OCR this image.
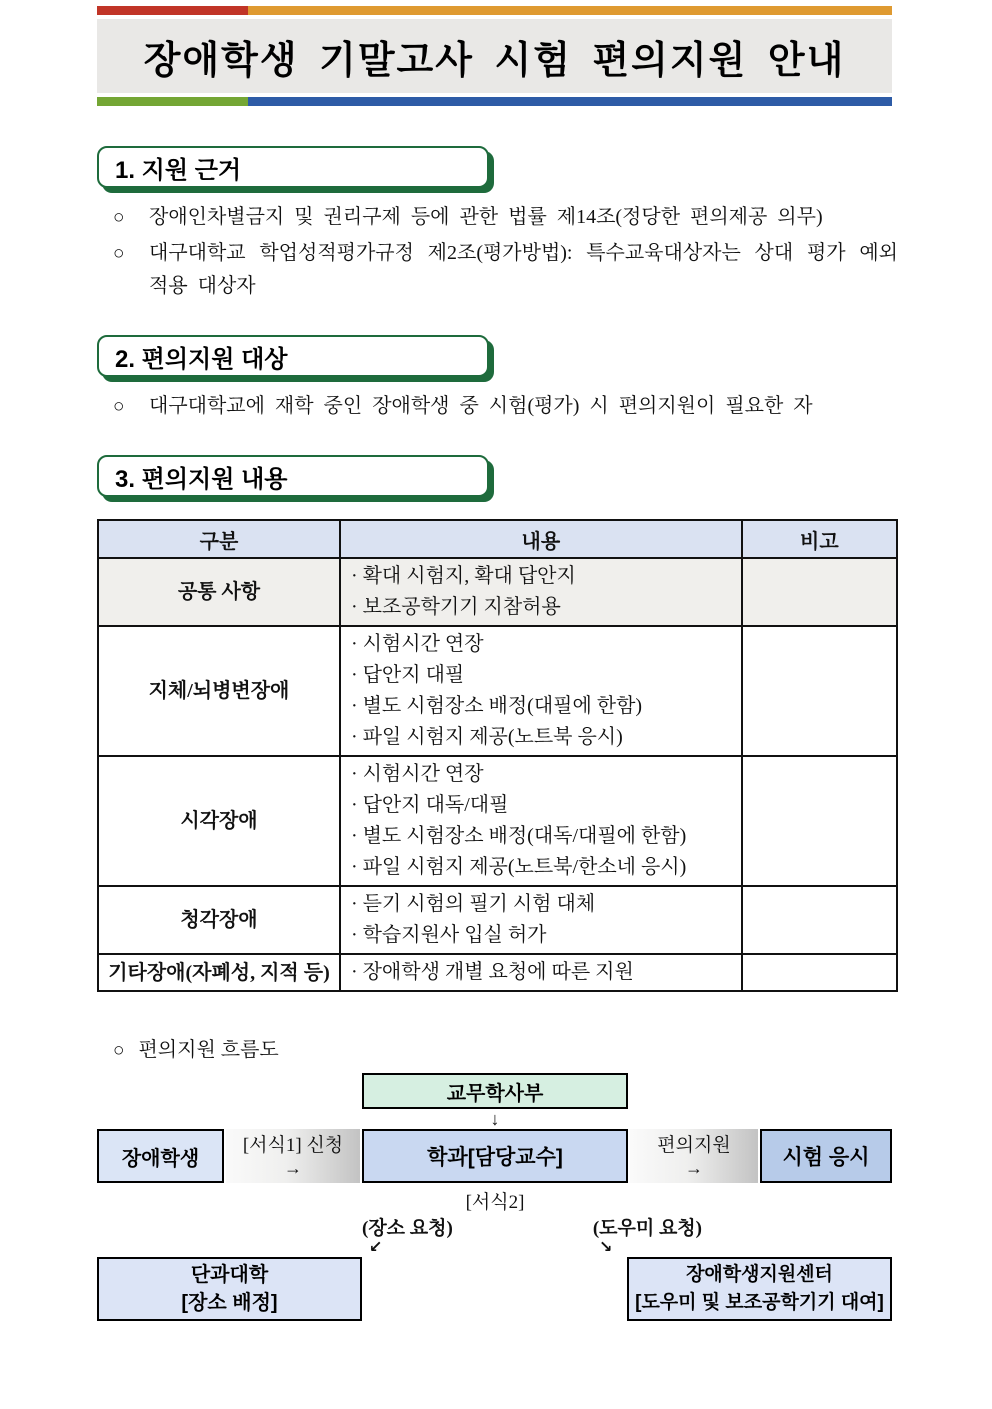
장애학생 기말고사 시험 편의지원 안내
1. 지원 근거

○ 장애인차별금지 및 권리구제 등에 관한 법률 제14조(정당한 편의제공 의무)

○ 대구대학교 학업성적평가규정 제2조(평가방법): 특수교육대상자는 상대 평가 예외 적용 대상자

2. 편의지원 대상

○ 대구대학교에 재학 중인 장애학생 중 시험(평가) 시 편의지원이 필요한 자

3. 편의지원 내용
구분	내용	비고
공통 사항	· 확대 시험지, 확대 답안지
· 보조공학기기 지참허용	

지체/뇌병변장애	· 시험시간 연장
· 답안지 대필
· 별도 시험장소 배정(대필에 한함)
· 파일 시험지 제공(노트북 응시)	

시각장애	· 시험시간 연장
· 답안지 대독/대필
· 별도 시험장소 배정(대독/대필에 한함)
· 파일 시험지 제공(노트북/한소네 응시)	

청각장애	· 듣기 시험의 필기 시험 대체
· 학습지원사 입실 허가	

기타장애(자폐성, 지적 등)	· 장애학생 개별 요청에 따른 지원	

○ 편의지원 흐름도

교무학사부
↓
장애학생
[서식1] 신청
→	학과[담당교수]
편의지원
→	시험 응시
[서식2]
(장소 요청)	(도우미 요청)
↙	↘
단과대학
[장소 배정]
장애학생지원센터
[도우미 및 보조공학기기 대여]
